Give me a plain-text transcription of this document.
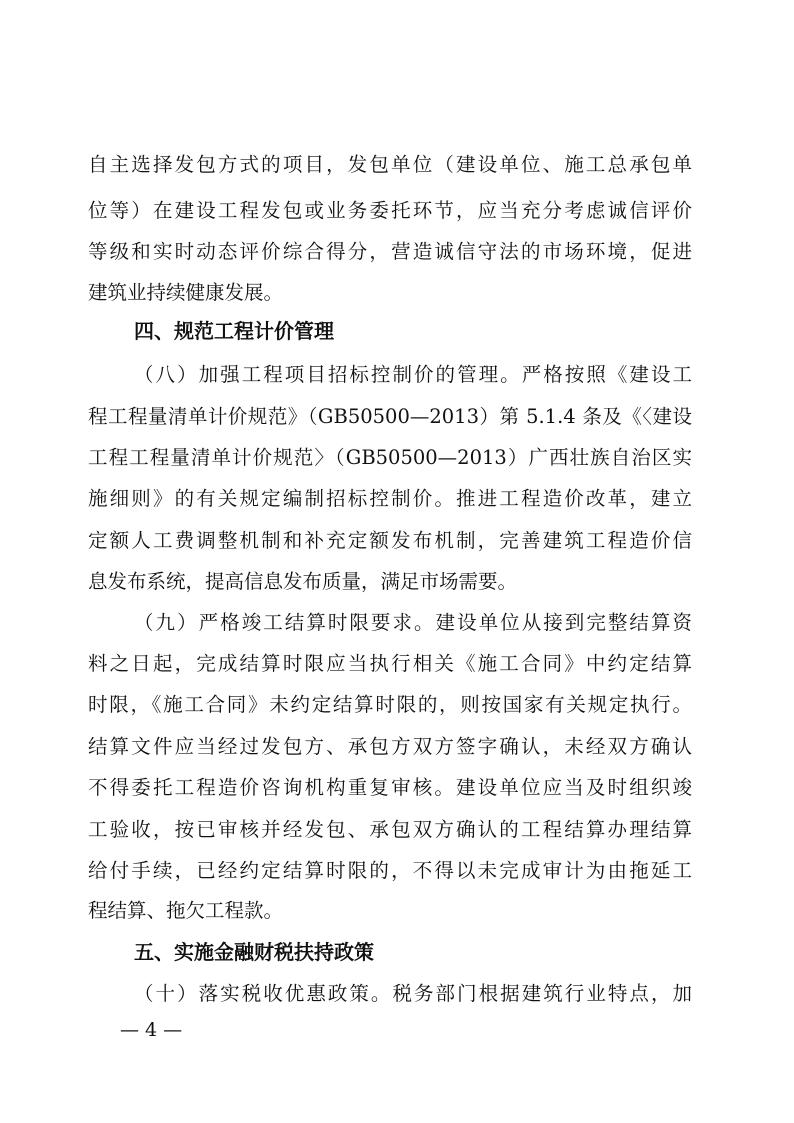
自主选择发包方式的项目，发包单位（建设单位、施工总承包单
位等）在建设工程发包或业务委托环节，应当充分考虑诚信评价
等级和实时动态评价综合得分，营造诚信守法的市场环境，促进
建筑业持续健康发展。
四、规范工程计价管理
（八）加强工程项目招标控制价的管理。严格按照《建设工
程工程量清单计价规范》（GB50500—2013）第 5.1.4 条及《〈建设
工程工程量清单计价规范〉（GB50500—2013）广西壮族自治区实
施细则》的有关规定编制招标控制价。推进工程造价改革，建立
定额人工费调整机制和补充定额发布机制，完善建筑工程造价信
息发布系统，提高信息发布质量，满足市场需要。
（九）严格竣工结算时限要求。建设单位从接到完整结算资
料之日起，完成结算时限应当执行相关《施工合同》中约定结算
时限，《施工合同》未约定结算时限的，则按国家有关规定执行。
结算文件应当经过发包方、承包方双方签字确认，未经双方确认
不得委托工程造价咨询机构重复审核。建设单位应当及时组织竣
工验收，按已审核并经发包、承包双方确认的工程结算办理结算
给付手续，已经约定结算时限的，不得以未完成审计为由拖延工
程结算、拖欠工程款。
五、实施金融财税扶持政策
（十）落实税收优惠政策。税务部门根据建筑行业特点，加
— 4 —
